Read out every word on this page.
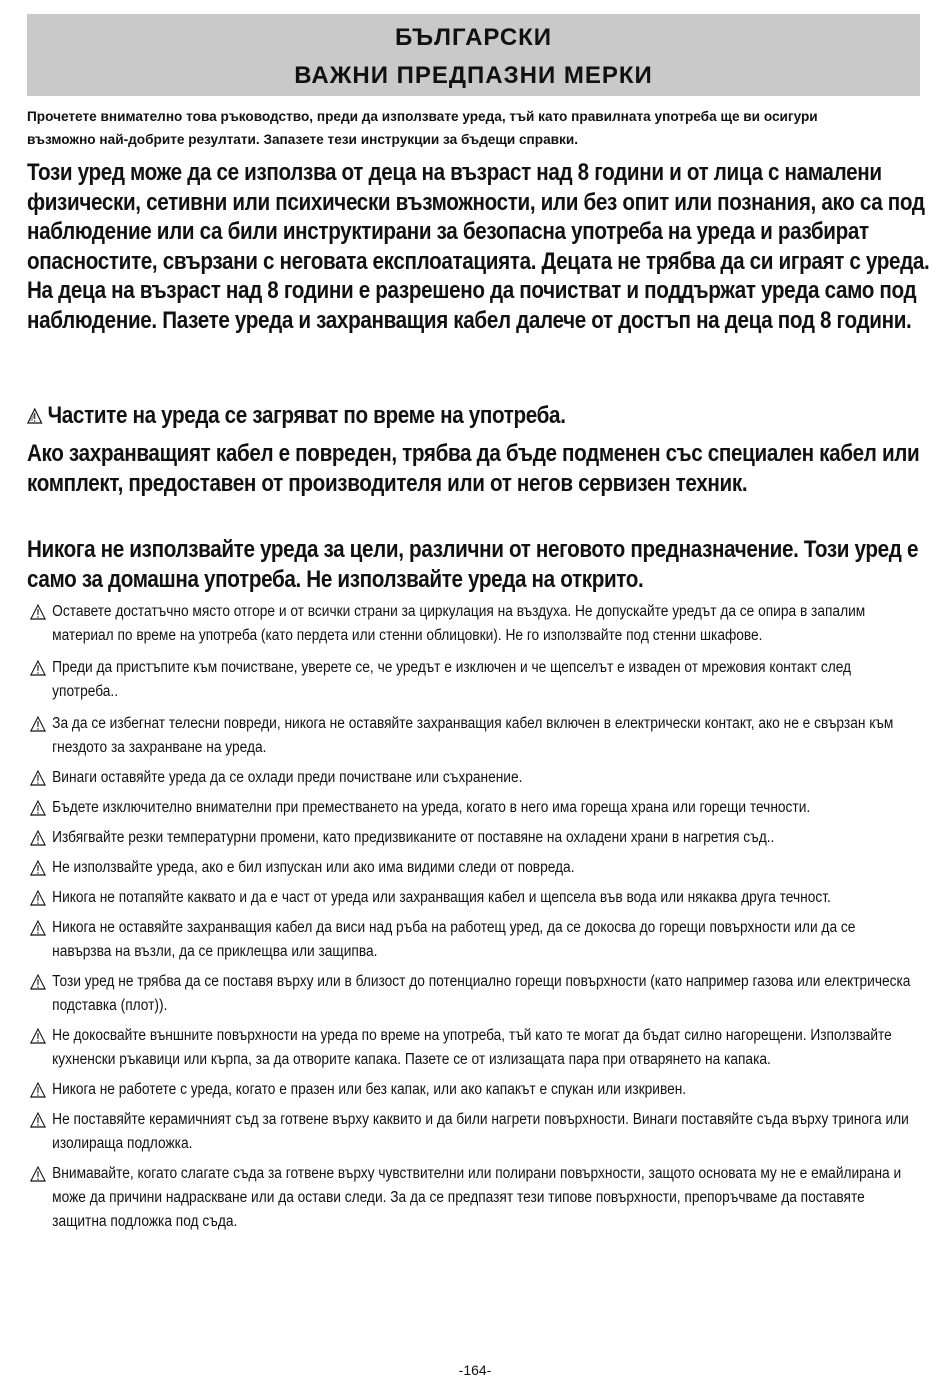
БЪЛГАРСКИ
ВАЖНИ ПРЕДПАЗНИ МЕРКИ
Прочетете внимателно това ръководство, преди да използвате уреда, тъй като правилната употреба ще ви осигури възможно най-добрите резултати. Запазете тези инструкции за бъдещи справки.
Този уред може да се използва от деца на възраст над 8 години и от лица с намалени физически, сетивни или психически възможности, или без опит или познания, ако са под наблюдение или са били инструктирани за безопасна употреба на уреда и разбират опасностите, свързани с неговата експлоатацията. Децата не трябва да си играят с уреда. На деца на възраст над 8 години е разрешено да почистват и поддържат уреда само под наблюдение. Пазете уреда и захранващия кабел далече от достъп на деца под 8 години.
Частите на уреда се загряват по време на употреба.
Ако захранващият кабел е повреден, трябва да бъде подменен със специален кабел или комплект, предоставен от производителя или от негов сервизен техник.
Никога не използвайте уреда за цели, различни от неговото предназначение. Този уред е само за домашна употреба. Не използвайте уреда на открито.
Оставете достатъчно място отгоре и от всички страни за циркулация на въздуха. Не допускайте уредът да се опира в запалим материал по време на употреба (като пердета или стенни облицовки). Не го използвайте под стенни шкафове.
Преди да пристъпите към почистване, уверете се, че уредът е изключен и че щепселът е изваден от мрежовия контакт след употреба..
За да се избегнат телесни повреди, никога не оставяйте захранващия кабел включен в електрически контакт, ако не е свързан към гнездото за захранване на уреда.
Винаги оставяйте уреда да се охлади преди почистване или съхранение.
Бъдете изключително внимателни при преместването на уреда, когато в него има гореща храна или горещи течности.
Избягвайте резки температурни промени, като предизвиканите от поставяне на охладени храни в нагретия съд..
Не използвайте уреда, ако е бил изпускан или ако има видими следи от повреда.
Никога не потапяйте каквато и да е част от уреда или захранващия кабел и щепсела във вода или някаква друга течност.
Никога не оставяйте захранващия кабел да виси над ръба на работещ уред, да се докосва до горещи повърхности или да се навързва на възли, да се приклещва или защипва.
Този уред не трябва да се поставя върху или в близост до потенциално горещи повърхности (като например газова или електрическа подставка (плот)).
Не докосвайте външните повърхности на уреда по време на употреба, тъй като те могат да бъдат силно нагорещени. Използвайте кухненски ръкавици или кърпа, за да отворите капака. Пазете се от излизащата пара при отварянето на капака.
Никога не работете с уреда, когато е празен или без капак, или ако капакът е спукан или изкривен.
Не поставяйте керамичният съд за готвене върху каквито и да били нагрети повърхности. Винаги поставяйте съда върху триногa или изолираща подложка.
Внимавайте, когато слагате съда за готвене върху чувствителни или полирани повърхности, защото основата му не е емайлирана и може да причини надраскване или да остави следи. За да се предпазят тези типове повърхности, препоръчваме да поставяте защитна подложка под съда.
-164-
